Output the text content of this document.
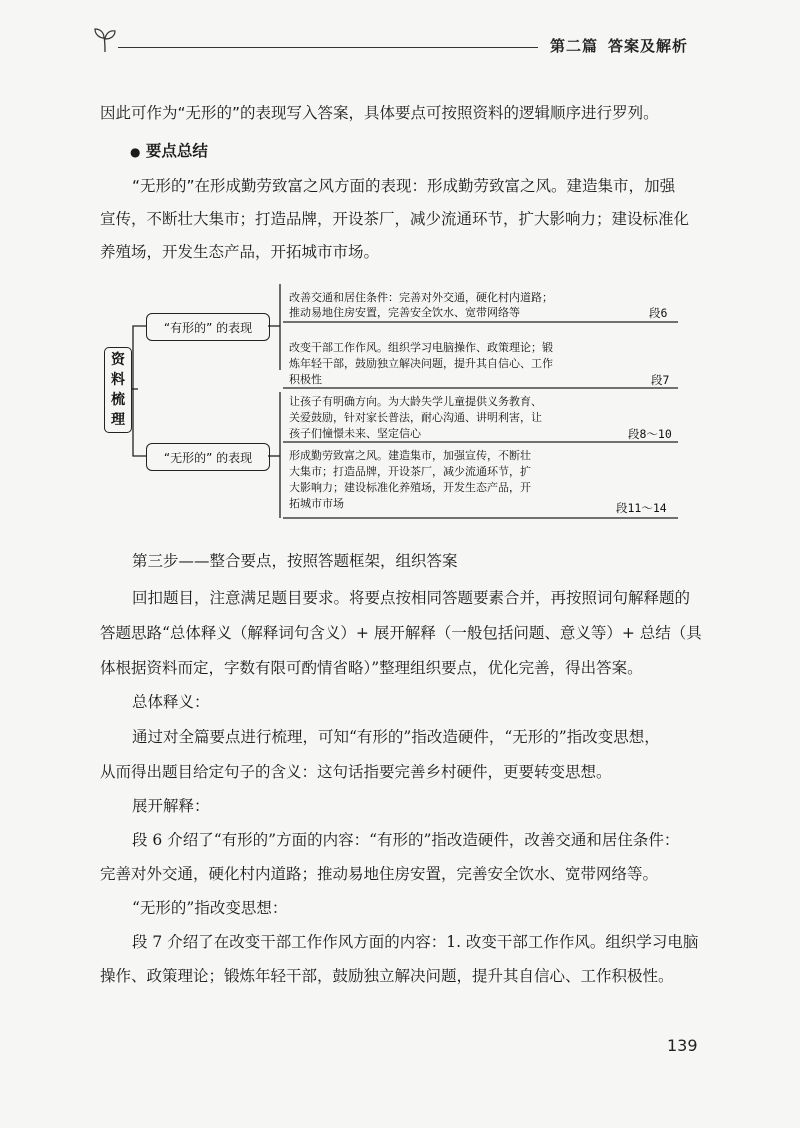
第二篇 答案及解析
因此可作为“无形的”的表现写入答案，具体要点可按照资料的逻辑顺序进行罗列。
● 要点总结
“无形的”在形成勤劳致富之风方面的表现：形成勤劳致富之风。建造集市，加强
宣传，不断壮大集市；打造品牌，开设茶厂，减少流通环节，扩大影响力；建设标准化
养殖场，开发生态产品，开拓城市市场。
资
料
梳
理
“有形的” 的表现
“无形的” 的表现
改善交通和居住条件：完善对外交通，硬化村内道路；
推动易地住房安置，完善安全饮水、宽带网络等	段6
改变干部工作作风。组织学习电脑操作、政策理论；锻
炼年轻干部，鼓励独立解决问题，提升其自信心、工作
积极性	段7
让孩子有明确方向。为大龄失学儿童提供义务教育、
关爱鼓励，针对家长普法，耐心沟通、讲明利害，让
孩子们憧憬未来、坚定信心	段8～10
形成勤劳致富之风。建造集市，加强宣传，不断壮
大集市；打造品牌，开设茶厂，减少流通环节，扩
大影响力；建设标准化养殖场，开发生态产品，开
拓城市市场	段11～14
第三步——整合要点，按照答题框架，组织答案
回扣题目，注意满足题目要求。将要点按相同答题要素合并，再按照词句解释题的
答题思路“总体释义（解释词句含义）+ 展开解释（一般包括问题、意义等）+ 总结（具
体根据资料而定，字数有限可酌情省略）”整理组织要点，优化完善，得出答案。
总体释义：
通过对全篇要点进行梳理，可知“有形的”指改造硬件，“无形的”指改变思想，
从而得出题目给定句子的含义：这句话指要完善乡村硬件，更要转变思想。
展开解释：
段 6 介绍了“有形的”方面的内容：“有形的”指改造硬件，改善交通和居住条件：
完善对外交通，硬化村内道路；推动易地住房安置，完善安全饮水、宽带网络等。
“无形的”指改变思想：
段 7 介绍了在改变干部工作作风方面的内容：1. 改变干部工作作风。组织学习电脑
操作、政策理论；锻炼年轻干部，鼓励独立解决问题，提升其自信心、工作积极性。
139
